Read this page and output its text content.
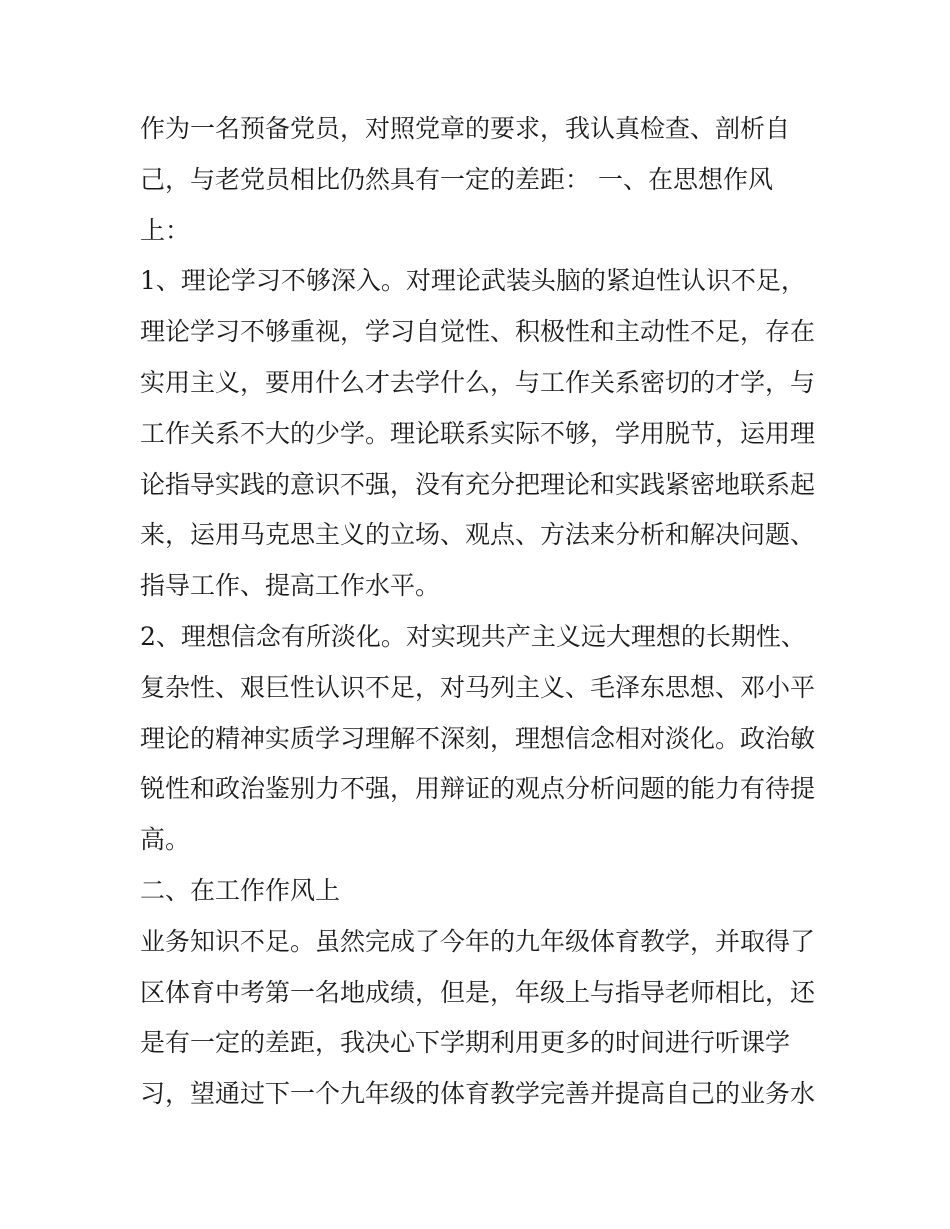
作为一名预备党员，对照党章的要求，我认真检查、剖析自
己，与老党员相比仍然具有一定的差距： 一、在思想作风
上：
1、理论学习不够深入。对理论武装头脑的紧迫性认识不足，
理论学习不够重视，学习自觉性、积极性和主动性不足，存在
实用主义，要用什么才去学什么，与工作关系密切的才学，与
工作关系不大的少学。理论联系实际不够，学用脱节，运用理
论指导实践的意识不强，没有充分把理论和实践紧密地联系起
来，运用马克思主义的立场、观点、方法来分析和解决问题、
指导工作、提高工作水平。
2、理想信念有所淡化。对实现共产主义远大理想的长期性、
复杂性、艰巨性认识不足，对马列主义、毛泽东思想、邓小平
理论的精神实质学习理解不深刻，理想信念相对淡化。政治敏
锐性和政治鉴别力不强，用辩证的观点分析问题的能力有待提
高。
二、在工作作风上
业务知识不足。虽然完成了今年的九年级体育教学，并取得了
区体育中考第一名地成绩，但是，年级上与指导老师相比，还
是有一定的差距，我决心下学期利用更多的时间进行听课学
习，望通过下一个九年级的体育教学完善并提高自己的业务水
